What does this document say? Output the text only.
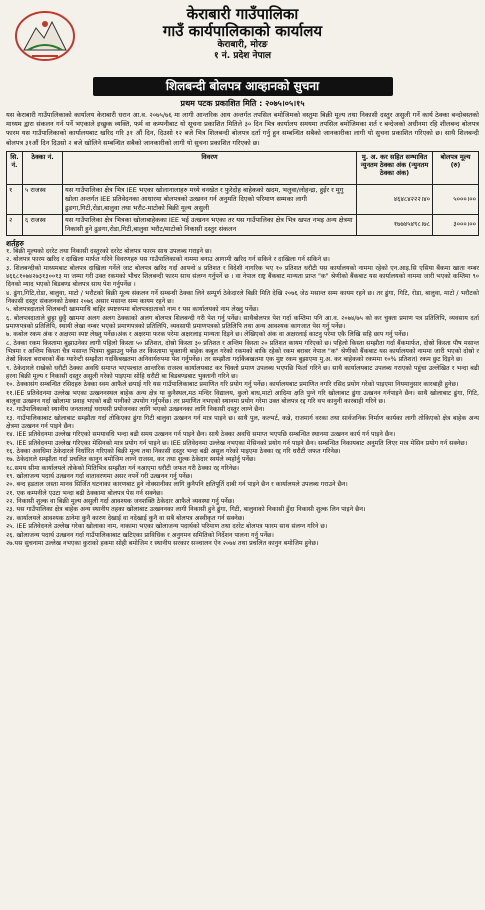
केराबारी गाउँपालिका
गाउँ कार्यपालिकाको कार्यालय
केराबारी, मोरङ
१ नं. प्रदेश नेपाल
शिलबन्दी बोलपत्र आव्हानको सुचना
प्रथम पटक प्रकाशित मिति : २०७५।०५।१५
यस केराबारी गाउँपालिकाको कार्यालय केराबारी धरान आ.व. २०७५/७६ मा लागी आन्तरिक आय अन्तर्गत तपसिल बमोजिमको वस्तुमा बिक्री मूल्य तथा निकासी दस्तुर असुली गर्ने कार्य ठेक्का बन्दोबस्तको माध्यम द्वारा संकलन गर्न पर्ने भएकाले इच्छुक व्यक्ति, फर्म वा कम्पनीबाट यो सूचना प्रकाशित मितिले ३० दिन भित्र कार्यालय समयमा तपसिल बमोजिमका शर्त र बन्देजको अधीनमा रहि शीलबन्द बोलपत्र फारम यस गाउँपालिकाको कार्यालयबाट खरिद गरि ३१ औं दिन, दिउसो १२ बजे भित्र शिलबन्दी बोलपत्र दर्ता गर्नु हुन सम्बन्धित सबैको जानकारीका लागी यो सुचना प्रकाशित गरिएको छ। साथै शिलबन्दी बोलपत्र ३१औं दिन दिउसो २ बजे खोलिने सम्बन्धित सबैको जानकारीको लागी यो सुचना प्रकाशित गरिएको छ।
सि. नं.	ठेक्का नं.	विवरण	मु. अ. कर सहित सम्भावित न्युनतम ठेक्का अंक (न्युनतम ठेक्का अंक)	बोलपत्र मूल्य (रु)
१	५ राजस्व	यस गाउँपालिका क्षेत्र भित्र IEE भएका खोलानालाहरु मध्ये वनखेत र फुरेदोह बाहेकको खदम, भलुवा/लोहन्द्रा, हुईर र मुगु खोला अन्तर्गत IEE प्रतिवेदनका आधारमा बोलपत्रको उत्खनन गर्न अनुमति दिएको परिमाण सम्मका लागी ढुङगा,गिटी,रोडा,बालुवा तथा भरौट-माटोको बिक्री मूल्य असुली	४६४८४२२२।४०	५०००।००
२	६ राजस्व	यस गाउँपालिका क्षेत्र भित्रका खोलाबाहेकका IEE भई उत्खनन भएका तर यस गाउँपालिका क्षेत्र भित्र खपत नभइ अन्य क्षेत्रमा निकासी हुने ढुङगा,रोडा,गिटी,बालुवा भरौट/माटोको निकासी दस्तुर संकलन	१७७४५४९८।७८	३०००।००
शर्तहरु
१. बिक्री मूल्यको दररेट तथा निकासी दस्तुरको दररेट बोलपत्र फारम साथ उपलब्ध गराइने छ।
२. बोलपत्र फारम खरिद र दाखिला मार्फत गरिने विवरणहरु यस गाउँपालिकाको नाममा बनाउ आगामी खरिद गर्न सकिने र दाखिला गर्न सकिने छ।
३. शिलबन्दीको माध्यमबाट बोलपत्र दाखिला गर्नेले जाट बोलपत्र खरिद गर्दा आफ्नो ४ प्रतिशत र विदेशी नागरिक भए १० प्रतिशत धरौटी यस कार्यालयको नाममा रहेको एन.आइ.सि एसिया बैंकमा खाता नम्बर ४६६८१०७४२७३१३००१३ मा जम्मा गरी उक्त रकमको भौचर शिलबन्दी फारम साथ संलग्न गर्नुपर्ने छ । वा नेपाल राष्ट्र बैंकबाट मान्यता प्राप्त "क" श्रेणीको बैंकबाट यस कार्यालयको नाममा जारी भएको कम्तिमा ९० दिनको म्याद भएको बिडबण्ड बोलपत्र साथ पेश गर्नुपर्नेछ ।
४. ढुंगा,गिटि,रोडा, बालुवा, माटो / भरौटको बिक्री मूल्य संकलन गर्ने सम्बन्धी ठेक्का लिने सम्पूर्ण ठेकेदारले बिक्री मिति देखि २०७६ जेठ मसान्त सम्म कायम रहने छ। तर ढुंगा, गिटि, रोडा, बालुवा, माटो / भरौटको निकासी दस्तुर संकलनको ठेक्का २०७६ असार मसान्त सम्म कायम रहने छ।
५. बोलपत्रदाताले शिलबन्दी खाममाथि बाहिर स्पष्टरुपमा बोलपत्रदाताको नाम र यस कार्यालयको नाम लेख्नु पर्नेछ।
६. बोलपत्रदाताले छुट्टा छुट्टै खाममा अलग अलग ठेक्काको अलग बोलपत्र शिलबन्दी गरी पेश गर्नु पर्नेछ। साथैबोलपत्र पेश गर्दा कम्तिमा पनि आ.व. २०७४/७५ को कर चुक्ता प्रमाण पत्र प्रतिलिपि, व्यवसाय दर्ता प्रमाणपत्रको प्रतिलिपि, स्थायी लेखा नम्बर भएको प्रमाणपत्रको प्रतिलिपि, व्यवसायी प्रमाणपत्रको प्रतिलिपि तथा अन्य आवश्यक कागजात पेस गर्नु पर्नेछ।
७. कबोल रकम अंक र अक्षरमा स्पष्ट लेख्नु पर्नेछ।अंक र अक्षरमा फरक परेमा अक्षरलाइ मान्यता दिइने छ। लेखिएको अंक वा अक्षरलाई काटनु परेमा एकै लिखि सहि छाप गर्नु पर्नेछ।
८. ठेक्का रकम किस्तामा बुझाउनेका लागी पहिलो किस्ता ५० प्रतिशत, दोस्रो किस्ता ३० प्रतिशत र अन्तिम किस्ता २० प्रतिशत कायम गरिएको छ। पहिलो किस्ता सम्झौता गर्दा बैंकमार्फत, दोस्रो किस्ता पौष मसान्त भित्रमा र अन्तिम किस्ता चैत्र मसान्त भित्रमा बुझाउनु पर्नेछ तर किस्तामा भुक्तानी बाहेक कबुल गरेको रकमको बाकि रहेको रकम बराबर नेपाल "क" श्रेणीको बैंकबाट यस कार्यालयको नाममा जारी भएको दोस्रो र तेस्रो किस्ता बराबरको बैंक ग्यारेन्टी सम्झौता गर्दाकैबखतमा अनिवार्यरुपमा पेश गर्नुपर्नेछ। तर सम्झौता गर्दाकैबखतमा एक मुष्ट रकम बुझाएमा मु.अ. कर बाहेकको रकममा १०% प्रतिशत) रकम छुट दिइने छ।
९. ठेकेदारले राखेको धरौटी ठेक्का अवधि समाप्त भएपश्चात आन्तरिक राजश्व कार्यालयबाट कर चिक्तो प्रमाण उपलब्ध भएपछि फिर्ता गरिने छ। साथै कार्यालयबाट उपलब्ध गराएको पहुंचा उल्लेखित र भन्दा बढी हरना बिक्री मूल्य र निकासी दस्तुर असुली गरेको पाइएमा सोहि धरौटी बा बिडबण्डबाट भुक्तानी गरिने छ।
१०. ठेक्कासंग सम्बन्धित रसिदहरु ठेक्का स्वम आफैले छपाई गरि यस गाउँपालिकाबाट प्रमाणित गरि प्रयोग गर्नु पर्नेछ। कार्यालयबाट प्रमाणित नगरि रसिद प्रयोग गरेको पाइएमा नियमानुसार कारबाही हुनेछ।
११.IEE प्रतिवेदनमा उल्लेख भएका उत्खननस्थल बाहेक अन्य क्षेत्र या कुनैस्थल,मठ मन्दिर विद्यालय, कुलो बाध,माटो आदिमा क्षति पुग्ने गरि खोलाबाट ढुंगा उत्खनन गर्नपाइने छैन। साथै खोलाबाट ढुंगा, गिटि, बालुवा उत्खनन गर्दा खोलामा प्रवाह भएको बढी पानीको उपयोग गर्नुपर्नेछ। तर प्रमाणित नभएको स्थानमा प्रयोग गरेमा उक्त बोलपत्र रद्द गरि थप कानुनी कारबाही गरिने छ।
१२. गाउँपालिकाको स्थानीय जनतालाई घरायसी प्रयोजनका लागि भएको उत्खननका लागि निकासी दस्तुर लाग्ने छैन।
१३. गाउँपालिकाबाट खोलाबाट सम्झौता गर्दा तोकिएका ढुंगा गिटी बालुवा उत्खनन गर्न मात्र पाइने छ। साथै पुल, कल्भर्ट, कन्ने, राजमार्ग वरका तथा सार्वजनिक निर्माण कार्यका लागी तोकिएको क्षेत्र बाहेक अन्य क्षेत्रमा उत्खनन गर्न पाइने छैन।
१४. IEE प्रतिवेदनमा उल्लेख गरिएको समयावधि भन्दा बढी समय उत्खनन गर्न पाइने छैन। साथै ठेक्का अवधि समाप्त भएपछि सम्बन्धित स्थानमा उत्खनन कार्य गर्न पाइने छैन।
१५. IEE प्रतिवेदनमा उल्लेख गरिएका मेसिनको मात्र प्रयोग गर्न पाइने छ। IEE प्रतिवेदनमा उल्लेख नभएका मेसिनको प्रयोग गर्न पाइने छैन। सम्बन्धित निकायबाट अनुमति लिएर मात्र मेसिन प्रयोग गर्न सक्नेछ।
१६. ठेक्का अवधिमा ठेकेदारले निर्धारित गरिएको बिक्री मूल्य तथा निकासी दस्तुर भन्दा बढी असुल गरेको पाइएमा ठेक्का रद्द गरि धरौटी जफत गरिनेछ।
१७. ठेकेदारले सम्झौता गर्दा प्रचलित कानुन बमोजिम लाग्ने राजस्व, कर तथा शुल्क ठेकेदार स्वयंले व्यहोर्नु पर्नेछ।
१८.समय सीमा कार्यालयले तोकेको मितिभित्र सम्झौता गर्न नआएमा धरौटी जफत गरी ठेक्का रद्द गरिनेछ।
१९. खोलाजन्य पदार्थ उत्खनन गर्दा वातावरणमा असर नपर्ने गरी उत्खनन गर्नु पर्नेछ।
२०. बन्द हडताल जस्ता मानव सिर्जित घटनाका कारणबाट हुने नोक्सानीका लागि कुनैपनि क्षतिपूर्ति दाबी गर्न पाइने छैन र कार्यालयले उपलब्ध गराउने छैन।
२१. एक कम्पनीले एउटा भन्दा बढी ठेक्कामा बोलपत्र पेस गर्न सक्नेछ।
२२. निकासी शुल्क वा बिक्री मूल्य असुली गर्दा आवश्यक जनशक्ति ठेकेदार आफैले व्यवस्था गर्नु पर्नेछ।
२३. यस गाउँपालिका क्षेत्र बाहेक अन्य स्थानीय तहका खोलाबाट उत्खननका लागी निकासी हुने ढुंगा, गिटी, बालुवाको निकासी हुँदा निकासी शुल्क लिन पाइने छैन।
२४. कार्यालयले आवश्यक ठानेमा कुनै कारण देखाई वा नदेखाई कुनै वा सबै बोलपत्र अस्वीकृत गर्न सक्नेछ।
२५. IEE प्रतिवेदनले उल्लेख गरेका खोलाका नाम, नाकामा भएका खोलाजन्य पदार्थको परिमाण तथा दररेट बोलपत्र फारम साथ संलग्न गरिने छ।
२६. खोलाजन्य पदार्थ उत्खनन गर्दा गाउँपालिकाबाट खटिएका प्राविधिक र अनुगमन समितिको निर्देशन पालना गर्नु पर्नेछ।
२७.यस सुचनामा उल्लेख नभएका कुराको हकमा सोही बमोजिम र स्थानीय सरकार सञ्चालन ऐन २०७४ तथा प्रचलित कानुन बमोजिम हुनेछ।
